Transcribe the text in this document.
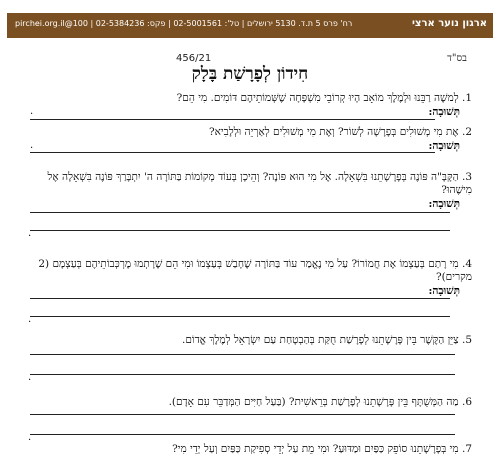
ארגון נוער ארצי
רח' פרס 5 ת.ד. 5130 ירושלים | טל': 02-5001561 | פקס: 02-5384236 | 100@pirchei.org.il
בס"ד
456/21
חִידוֹן לְפָרָשַׁת בָּלָק
1. לְמשֶׁה רַבֵּנוּ וּלְמֶלֶךְ מוֹאָב הָיוּ קְרוֹבֵי מִשְׁפָּחָה שֶׁשְּׁמוֹתֵיהֶם דּוֹמִים. מִי הֵם?
תְּשׁוּבָה:
.
2. אֶת מִי מְשׁוּלִים בְּפָרָשָׁה לְשׁוֹר? וְאֶת מִי מְשׁוּלִים לְאַרְיֵה וּלְלָבִיא?
תְּשׁוּבָה:
.
3. הַקָּבָּ"ה פּוֹנֶה בְּפָרָשָׁתֵנוּ בִּשְׁאֵלָה. אֶל מִי הוּא פּוֹנֶה? וְהֵיכָן בְּעוֹד מְקוֹמוֹת בַּתּוֹרָה ה' יִתְבָּרַךְ פּוֹנֶה בִּשְׁאֵלָה אֶל מִישֶׁהוּ?
תְּשׁוּבָה:
.
4. מִי רָתַם בְּעַצְמוֹ אֶת חֲמוֹרוֹ? עַל מִי נֶאֱמַר עוֹד בַּתּוֹרָה שֶׁחָבַשׁ בְּעַצְמוֹ וּמִי הֵם שֶׁרָתְמוּ מֶרְכְּבוֹתֵיהֶם בְּעַצְמָם (2 מקרים)?
תְּשׁוּבָה:
.
5. צַיֵּן הַקֶּשֶׁר בֵּין פָּרָשָׁתֵנוּ לְפָרָשַׁת חֻקַּת בְּהַבְטָחַת עַם יִשְׂרָאֵל לְמֶלֶךְ אֱדוֹם.
.
6. מַה הַמְּשֻׁתָּף בֵּין פָּרָשָׁתֵנוּ לְפָרָשַׁת בְּרֵאשִׁית? (בַּעַל חַיִּים הַמְּדַבֵּר עִם אָדָם).
.
7. מִי בְּפָרָשָׁתֵנוּ סוֹפֵק כַּפַּיִם וּמַדּוּעַ? וּמִי מֵת עַל יְדֵי סְפִיקַת כַּפַּיִם וְעַל יְדֵי מִי?
